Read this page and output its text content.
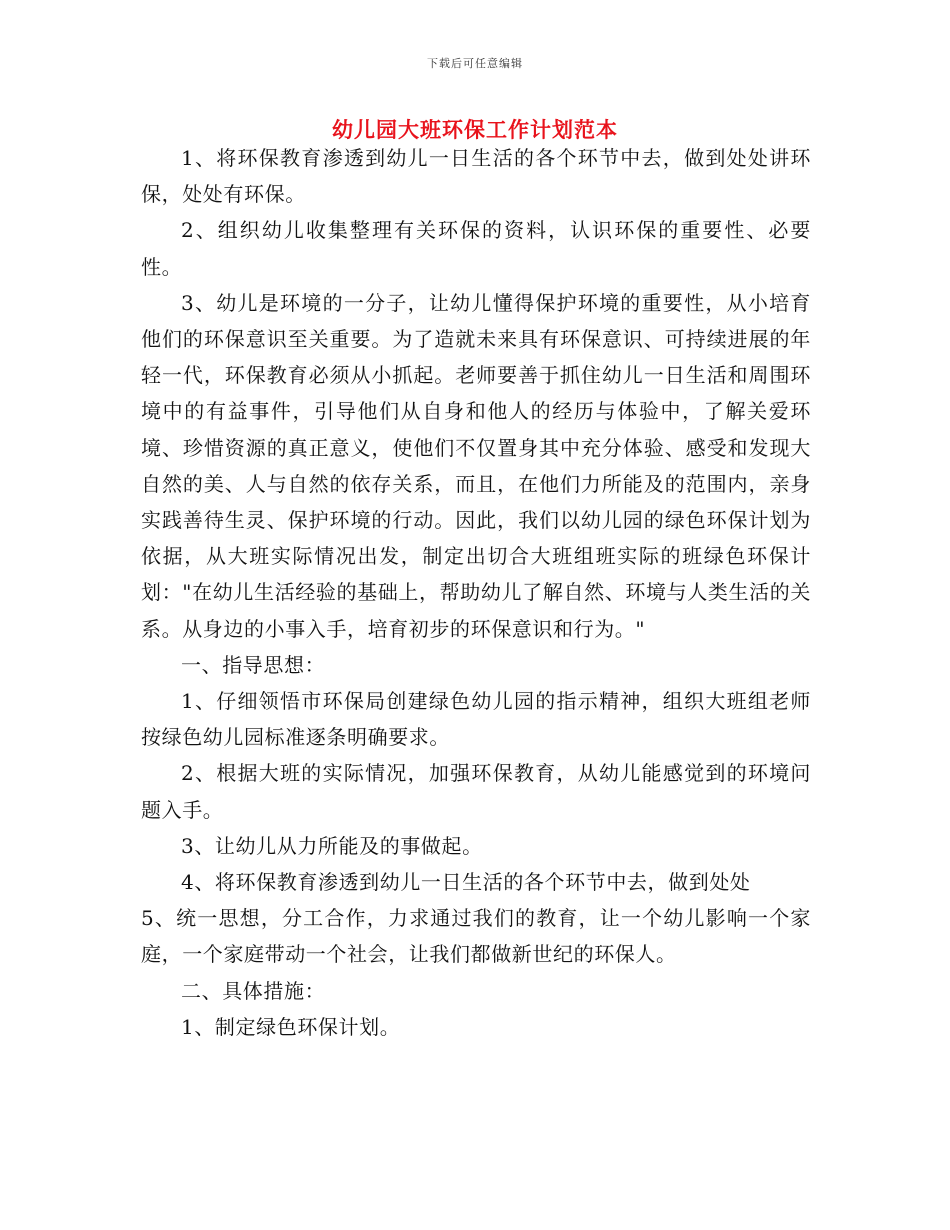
下载后可任意编辑
幼儿园大班环保工作计划范本

1、将环保教育渗透到幼儿一日生活的各个环节中去，做到处处讲环保，处处有环保。

2、组织幼儿收集整理有关环保的资料，认识环保的重要性、必要性。

3、幼儿是环境的一分子，让幼儿懂得保护环境的重要性，从小培育他们的环保意识至关重要。为了造就未来具有环保意识、可持续进展的年轻一代，环保教育必须从小抓起。老师要善于抓住幼儿一日生活和周围环境中的有益事件，引导他们从自身和他人的经历与体验中，了解关爱环境、珍惜资源的真正意义，使他们不仅置身其中充分体验、感受和发现大自然的美、人与自然的依存关系，而且，在他们力所能及的范围内，亲身实践善待生灵、保护环境的行动。因此，我们以幼儿园的绿色环保计划为依据，从大班实际情况出发，制定出切合大班组班实际的班绿色环保计划："在幼儿生活经验的基础上，帮助幼儿了解自然、环境与人类生活的关系。从身边的小事入手，培育初步的环保意识和行为。"

一、指导思想：

1、仔细领悟市环保局创建绿色幼儿园的指示精神，组织大班组老师按绿色幼儿园标准逐条明确要求。

2、根据大班的实际情况，加强环保教育，从幼儿能感觉到的环境问题入手。

3、让幼儿从力所能及的事做起。

4、将环保教育渗透到幼儿一日生活的各个环节中去，做到处处

5、统一思想，分工合作，力求通过我们的教育，让一个幼儿影响一个家庭，一个家庭带动一个社会，让我们都做新世纪的环保人。

二、具体措施：

1、制定绿色环保计划。
